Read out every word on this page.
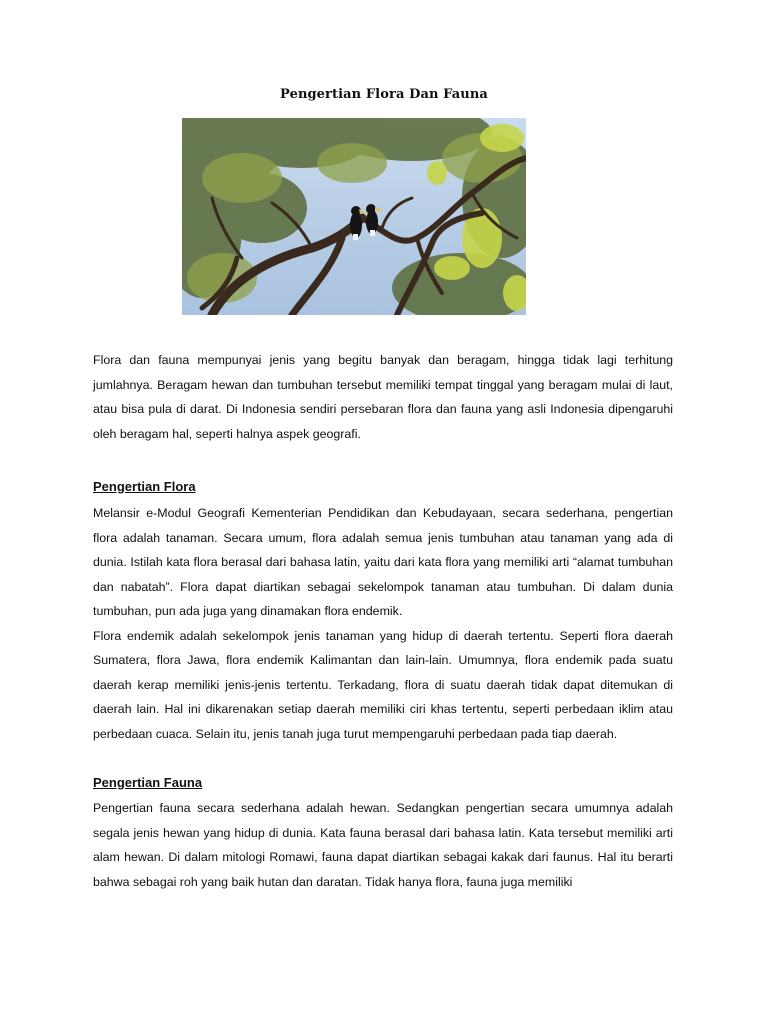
Pengertian Flora Dan Fauna

Flora dan fauna mempunyai jenis yang begitu banyak dan beragam, hingga tidak lagi terhitung jumlahnya. Beragam hewan dan tumbuhan tersebut memiliki tempat tinggal yang beragam mulai di laut, atau bisa pula di darat. Di Indonesia sendiri persebaran flora dan fauna yang asli Indonesia dipengaruhi oleh beragam hal, seperti halnya aspek geografi.

Pengertian Flora

Melansir e-Modul Geografi Kementerian Pendidikan dan Kebudayaan, secara sederhana, pengertian flora adalah tanaman. Secara umum, flora adalah semua jenis tumbuhan atau tanaman yang ada di dunia. Istilah kata flora berasal dari bahasa latin, yaitu dari kata flora yang memiliki arti “alamat tumbuhan dan nabatah”. Flora dapat diartikan sebagai sekelompok tanaman atau tumbuhan. Di dalam dunia tumbuhan, pun ada juga yang dinamakan flora endemik.

Flora endemik adalah sekelompok jenis tanaman yang hidup di daerah tertentu. Seperti flora daerah Sumatera, flora Jawa, flora endemik Kalimantan dan lain-lain. Umumnya, flora endemik pada suatu daerah kerap memiliki jenis-jenis tertentu. Terkadang, flora di suatu daerah tidak dapat ditemukan di daerah lain. Hal ini dikarenakan setiap daerah memiliki ciri khas tertentu, seperti perbedaan iklim atau perbedaan cuaca. Selain itu, jenis tanah juga turut mempengaruhi perbedaan pada tiap daerah.

Pengertian Fauna

Pengertian fauna secara sederhana adalah hewan. Sedangkan pengertian secara umumnya adalah segala jenis hewan yang hidup di dunia. Kata fauna berasal dari bahasa latin. Kata tersebut memiliki arti alam hewan. Di dalam mitologi Romawi, fauna dapat diartikan sebagai kakak dari faunus. Hal itu berarti bahwa sebagai roh yang baik hutan dan daratan. Tidak hanya flora, fauna juga memiliki
